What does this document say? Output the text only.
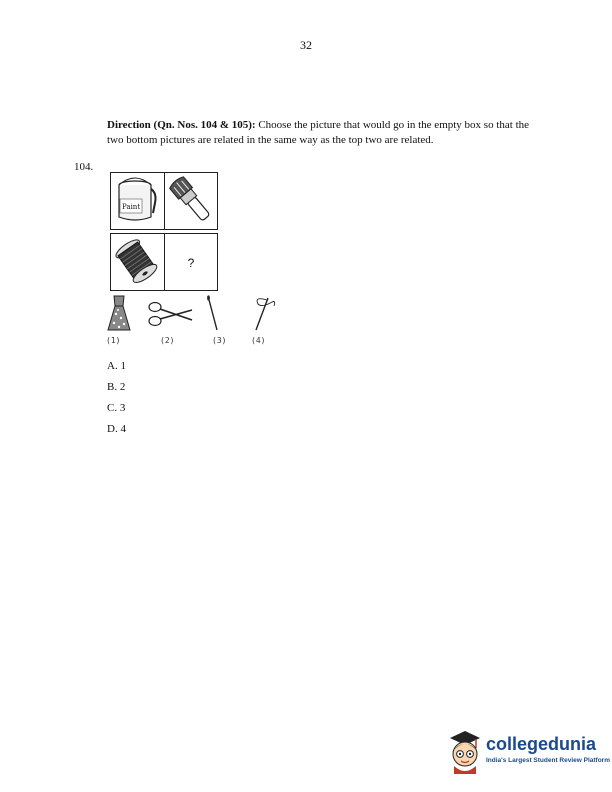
32
Direction (Qn. Nos. 104 & 105): Choose the picture that would go in the empty box so that the two bottom pictures are related in the same way as the top two are related.
104.
Paint
?
(1)	(2)	(3)	(4)
A. 1
B. 2
C. 3
D. 4
collegedunia
India's Largest Student Review Platform
